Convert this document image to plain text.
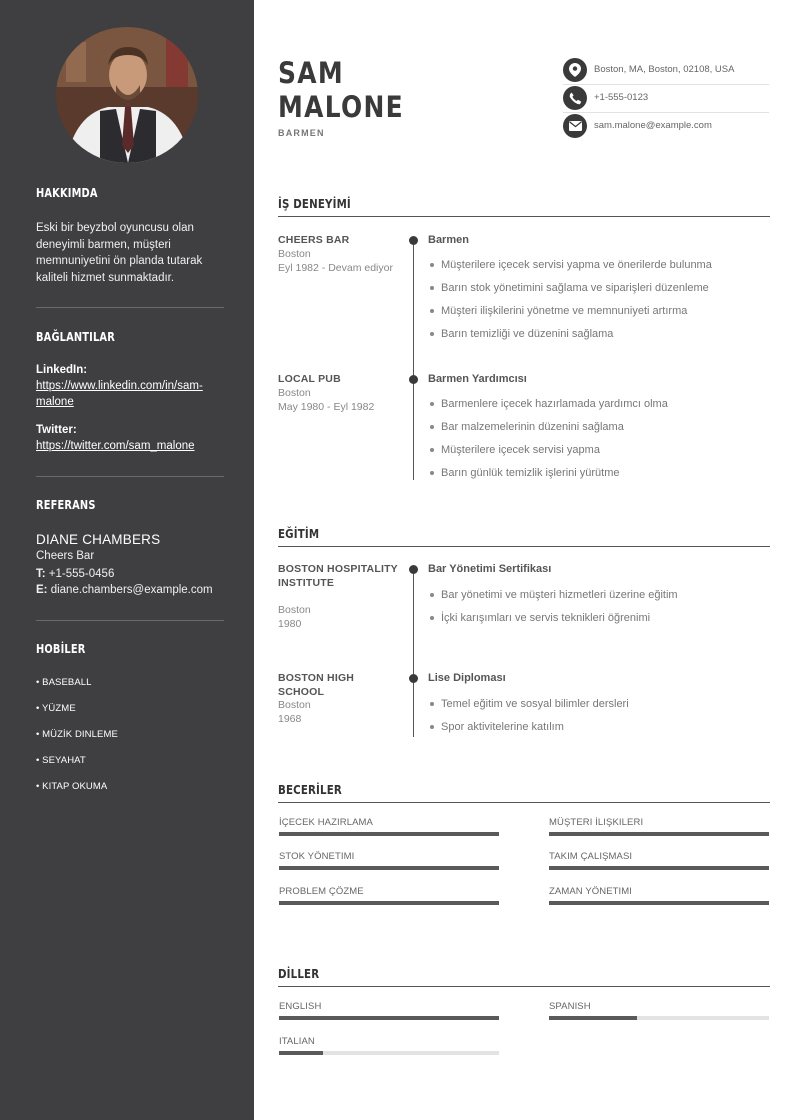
HAKKIMDA
Eski bir beyzbol oyuncusu olan deneyimli barmen, müşteri memnuniyetini ön planda tutarak kaliteli hizmet sunmaktadır.
BAĞLANTILAR
LinkedIn:
https://www.linkedin.com/in/sam-malone
Twitter:
https://twitter.com/sam_malone
REFERANS
DIANE CHAMBERS
Cheers Bar
T: +1-555-0456
E: diane.chambers@example.com
HOBİLER
• BASEBALL
• YÜZME
• MÜZİK DINLEME
• SEYAHAT
• KITAP OKUMA
SAM
MALONE
BARMEN
Boston, MA, Boston, 02108, USA
+1-555-0123
sam.malone@example.com
İŞ DENEYİMİ
CHEERS BAR
Boston
Eyl 1982 - Devam ediyor
Barmen
Müşterilere içecek servisi yapma ve önerilerde bulunma
Barın stok yönetimini sağlama ve siparişleri düzenleme
Müşteri ilişkilerini yönetme ve memnuniyeti artırma
Barın temizliği ve düzenini sağlama
LOCAL PUB
Boston
May 1980 - Eyl 1982
Barmen Yardımcısı
Barmenlere içecek hazırlamada yardımcı olma
Bar malzemelerinin düzenini sağlama
Müşterilere içecek servisi yapma
Barın günlük temizlik işlerini yürütme
EĞİTİM
BOSTON HOSPITALITY INSTITUTE
Boston
1980
Bar Yönetimi Sertifikası
Bar yönetimi ve müşteri hizmetleri üzerine eğitim
İçki karışımları ve servis teknikleri öğrenimi
BOSTON HIGH SCHOOL
Boston
1968
Lise Diploması
Temel eğitim ve sosyal bilimler dersleri
Spor aktivitelerine katılım
BECERİLER
İÇECEK HAZIRLAMA	MÜŞTERI İLIŞKILERI
STOK YÖNETIMI	TAKIM ÇALIŞMASI
PROBLEM ÇÖZME	ZAMAN YÖNETIMI
DİLLER
ENGLISH	SPANISH
ITALIAN
